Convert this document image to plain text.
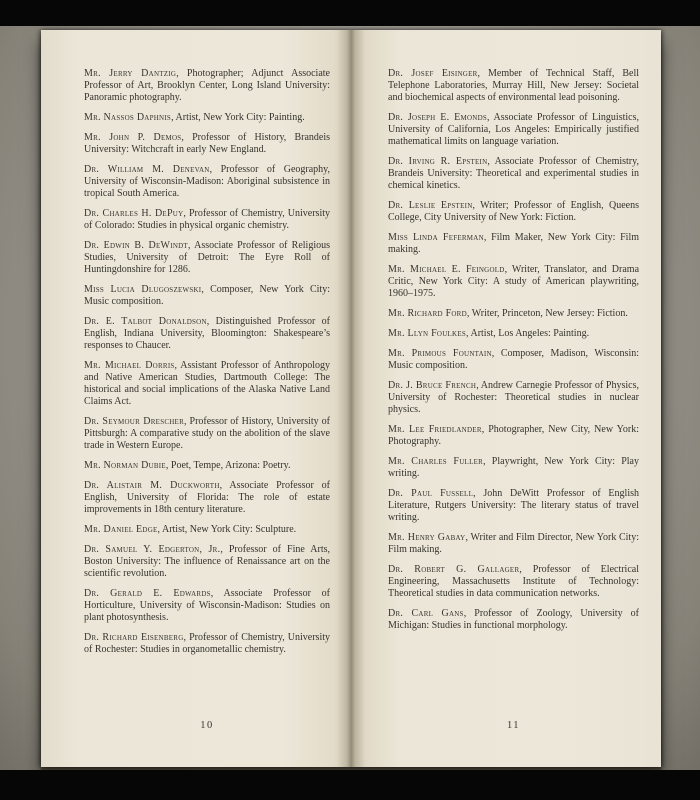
Mr. Jerry Dantzig, Photographer; Adjunct Associate Professor of Art, Brooklyn Center, Long Island University: Panoramic photography.

Mr. Nassos Daphnis, Artist, New York City: Painting.

Mr. John P. Demos, Professor of History, Brandeis University: Witchcraft in early New England.

Dr. William M. Denevan, Professor of Geography, University of Wisconsin-Madison: Aboriginal subsistence in tropical South America.

Dr. Charles H. DePuy, Professor of Chemistry, University of Colorado: Studies in physical organic chemistry.

Dr. Edwin B. DeWindt, Associate Professor of Religious Studies, University of Detroit: The Eyre Roll of Huntingdonshire for 1286.

Miss Lucia Dlugoszewski, Composer, New York City: Music composition.

Dr. E. Talbot Donaldson, Distinguished Professor of English, Indiana University, Bloomington: Shakespeare’s responses to Chaucer.

Mr. Michael Dorris, Assistant Professor of Anthropology and Native American Studies, Dartmouth College: The historical and social implications of the Alaska Native Land Claims Act.

Dr. Seymour Drescher, Professor of History, University of Pittsburgh: A comparative study on the abolition of the slave trade in Western Europe.

Mr. Norman Dubie, Poet, Tempe, Arizona: Poetry.

Dr. Alistair M. Duckworth, Associate Professor of English, University of Florida: The role of estate improvements in 18th century literature.

Mr. Daniel Edge, Artist, New York City: Sculpture.

Dr. Samuel Y. Edgerton, Jr., Professor of Fine Arts, Boston University: The influence of Renaissance art on the scientific revolution.

Dr. Gerald E. Edwards, Associate Professor of Horticulture, University of Wisconsin-Madison: Studies on plant photosynthesis.

Dr. Richard Eisenberg, Professor of Chemistry, University of Rochester: Studies in organometallic chemistry.

10

Dr. Josef Eisinger, Member of Technical Staff, Bell Telephone Laboratories, Murray Hill, New Jersey: Societal and biochemical aspects of environmental lead poisoning.

Dr. Joseph E. Emonds, Associate Professor of Linguistics, University of California, Los Angeles: Empirically justified mathematical limits on language variation.

Dr. Irving R. Epstein, Associate Professor of Chemistry, Brandeis University: Theoretical and experimental studies in chemical kinetics.

Dr. Leslie Epstein, Writer; Professor of English, Queens College, City University of New York: Fiction.

Miss Linda Feferman, Film Maker, New York City: Film making.

Mr. Michael E. Feingold, Writer, Translator, and Drama Critic, New York City: A study of American playwriting, 1960–1975.

Mr. Richard Ford, Writer, Princeton, New Jersey: Fiction.

Mr. Llyn Foulkes, Artist, Los Angeles: Painting.

Mr. Primous Fountain, Composer, Madison, Wisconsin: Music composition.

Dr. J. Bruce French, Andrew Carnegie Professor of Physics, University of Rochester: Theoretical studies in nuclear physics.

Mr. Lee Friedlander, Photographer, New City, New York: Photography.

Mr. Charles Fuller, Playwright, New York City: Play writing.

Dr. Paul Fussell, John DeWitt Professor of English Literature, Rutgers University: The literary status of travel writing.

Mr. Henry Gabay, Writer and Film Director, New York City: Film making.

Dr. Robert G. Gallager, Professor of Electrical Engineering, Massachusetts Institute of Technology: Theoretical studies in data communication networks.

Dr. Carl Gans, Professor of Zoology, University of Michigan: Studies in functional morphology.

11
